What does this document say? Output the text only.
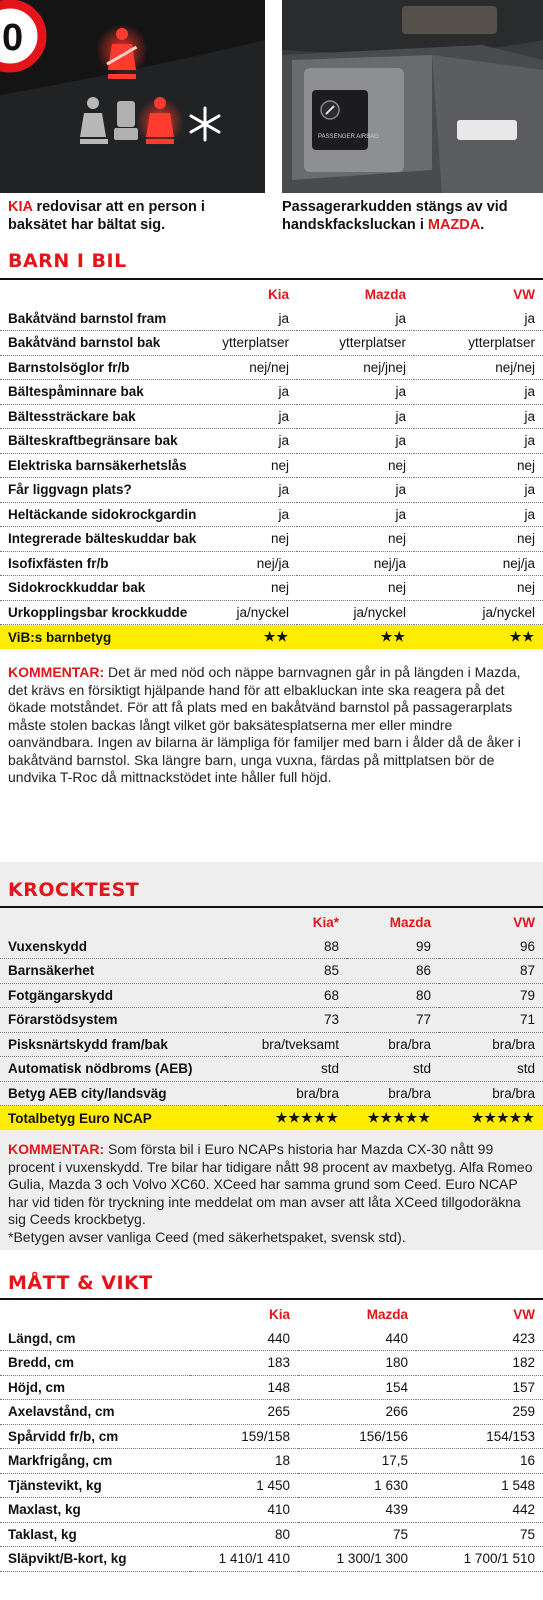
0
PASSENGER AIRBAG

KIA redovisar att en person i baksätet har bältat sig.

Passagerarkudden stängs av vid handskfacksluckan i MAZDA.

BARN I BIL
	Kia	Mazda	VW
Bakåtvänd barnstol fram	ja	ja	ja
Bakåtvänd barnstol bak	ytterplatser	ytterplatser	ytterplatser
Barnstolsöglor fr/b	nej/nej	nej/jnej	nej/nej
Bältespåminnare bak	ja	ja	ja
Bältessträckare bak	ja	ja	ja
Bälteskraftbegränsare bak	ja	ja	ja
Elektriska barnsäkerhetslås	nej	nej	nej
Får liggvagn plats?	ja	ja	ja
Heltäckande sidokrockgardin	ja	ja	ja
Integrerade bälteskuddar bak	nej	nej	nej
Isofixfästen fr/b	nej/ja	nej/ja	nej/ja
Sidokrockkuddar bak	nej	nej	nej
Urkopplingsbar krockkudde	ja/nyckel	ja/nyckel	ja/nyckel
ViB:s barnbetyg	★★	★★	★★

KOMMENTAR: Det är med nöd och näppe barnvagnen går in på längden i Mazda, det krävs en försiktigt hjälpande hand för att elbakluckan inte ska reagera på det ökade motståndet. För att få plats med en bakåtvänd barnstol på passagerarplats måste stolen backas långt vilket gör baksätesplatserna mer eller mindre oanvändbara. Ingen av bilarna är lämpliga för familjer med barn i ålder då de åker i bakåtvänd barnstol. Ska längre barn, unga vuxna, färdas på mittplatsen bör de undvika T-Roc då mittnackstödet inte håller full höjd.

KROCKTEST
	Kia*	Mazda	VW
Vuxenskydd	88	99	96
Barnsäkerhet	85	86	87
Fotgängarskydd	68	80	79
Förarstödsystem	73	77	71
Pisksnärtskydd fram/bak	bra/tveksamt	bra/bra	bra/bra
Automatisk nödbroms (AEB)	std	std	std
Betyg AEB city/landsväg	bra/bra	bra/bra	bra/bra
Totalbetyg Euro NCAP	★★★★★	★★★★★	★★★★★

KOMMENTAR: Som första bil i Euro NCAPs historia har Mazda CX-30 nått 99 procent i vuxenskydd. Tre bilar har tidigare nått 98 procent av maxbetyg. Alfa Romeo Gulia, Mazda 3 och Volvo XC60. XCeed har samma grund som Ceed. Euro NCAP har vid tiden för tryckning inte meddelat om man avser att låta XCeed tillgodoräkna sig Ceeds krockbetyg.
*Betygen avser vanliga Ceed (med säkerhetspaket, svensk std).

MÅTT & VIKT
	Kia	Mazda	VW
Längd, cm	440	440	423
Bredd, cm	183	180	182
Höjd, cm	148	154	157
Axelavstånd, cm	265	266	259
Spårvidd fr/b, cm	159/158	156/156	154/153
Markfrigång, cm	18	17,5	16
Tjänstevikt, kg	1 450	1 630	1 548
Maxlast, kg	410	439	442
Taklast, kg	80	75	75
Släpvikt/B-kort, kg	1 410/1 410	1 300/1 300	1 700/1 510
